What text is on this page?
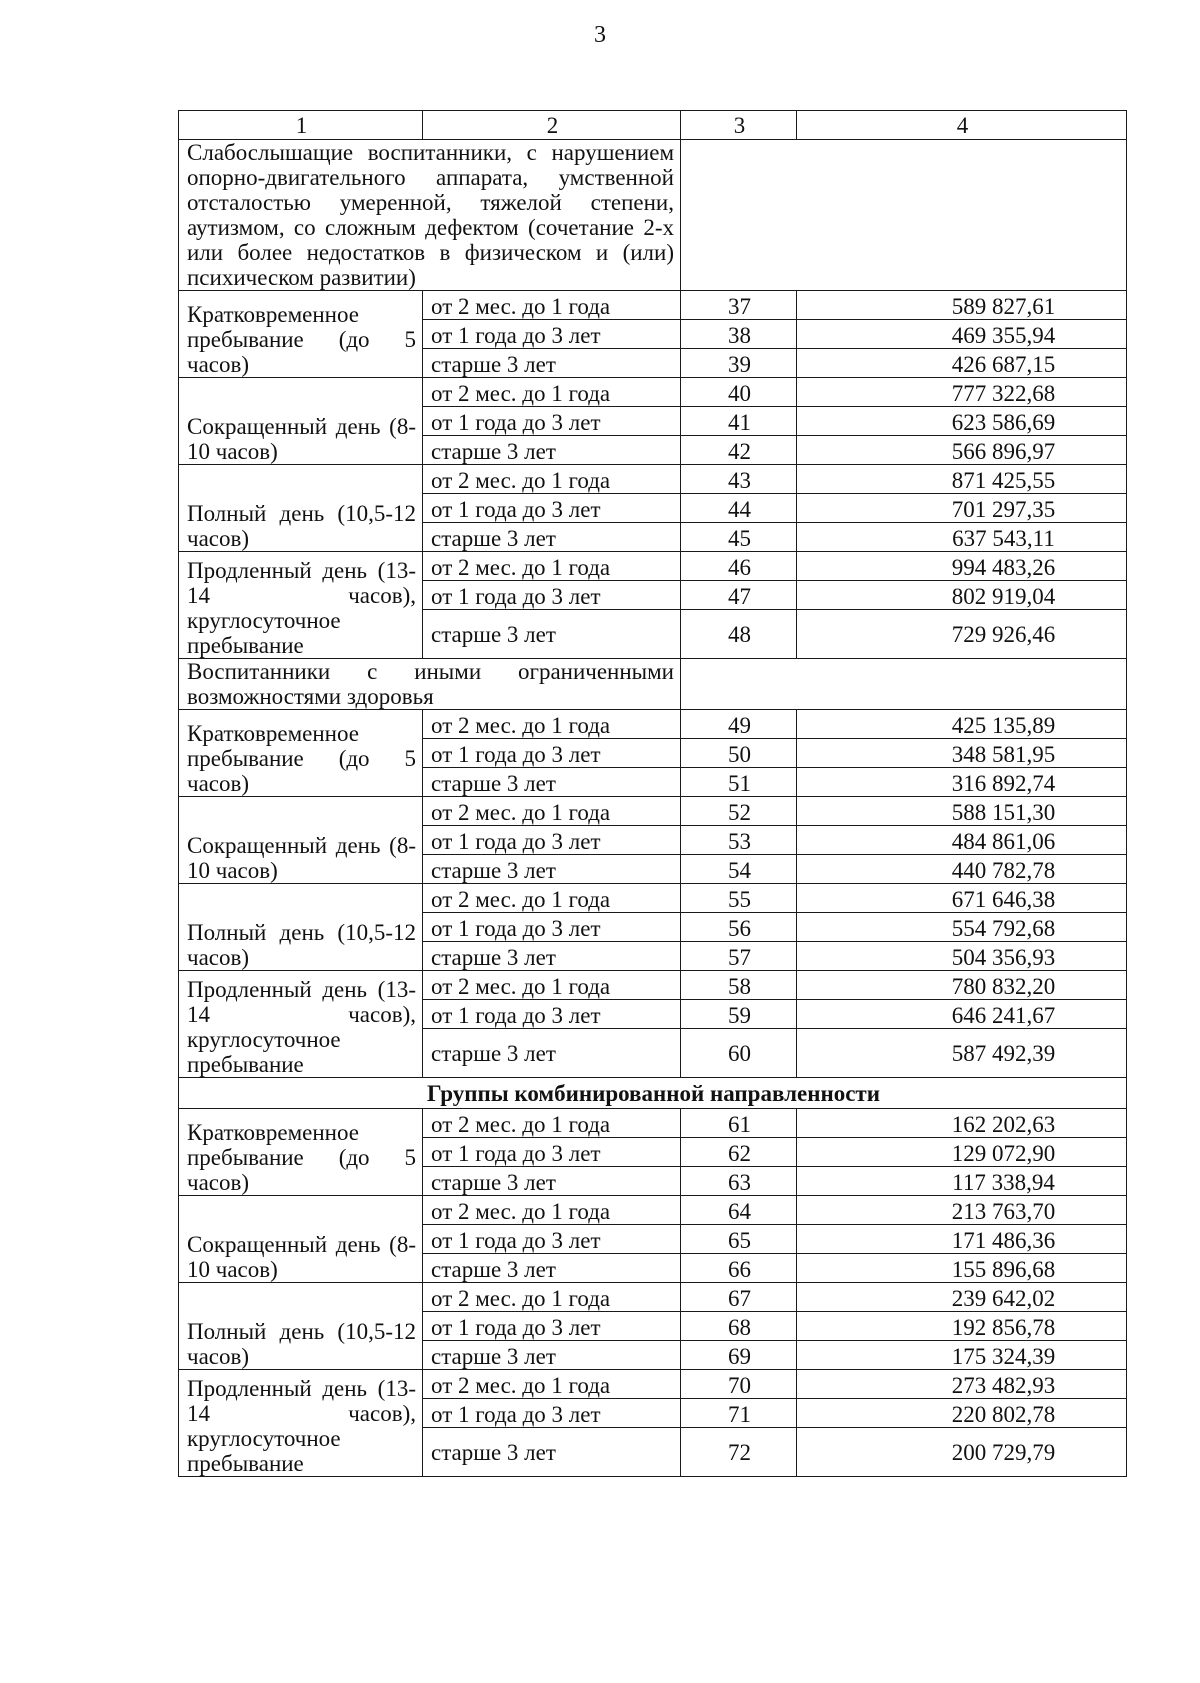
3
1	2	3	4
Слабослышащие воспитанники, с нарушением опорно-двигательного аппарата, умственной отсталостью умеренной, тяжелой степени, аутизмом, со сложным дефектом (сочетание 2-х или более недостатков в физическом и (или) психическом развитии)			
Кратковременное пребывание (до 5 часов)	от 2 мес. до 1 года	37	589 827,61
	от 1 года до 3 лет	38	469 355,94
	старше 3 лет	39	426 687,15
Сокращенный день (8-10 часов)	от 2 мес. до 1 года	40	777 322,68
	от 1 года до 3 лет	41	623 586,69
	старше 3 лет	42	566 896,97
Полный день (10,5-12 часов)	от 2 мес. до 1 года	43	871 425,55
	от 1 года до 3 лет	44	701 297,35
	старше 3 лет	45	637 543,11
Продленный день (13-14 часов), круглосуточное пребывание	от 2 мес. до 1 года	46	994 483,26
	от 1 года до 3 лет	47	802 919,04
	старше 3 лет	48	729 926,46
Воспитанники с иными ограниченными возможностями здоровья			
Кратковременное пребывание (до 5 часов)	от 2 мес. до 1 года	49	425 135,89
	от 1 года до 3 лет	50	348 581,95
	старше 3 лет	51	316 892,74
Сокращенный день (8-10 часов)	от 2 мес. до 1 года	52	588 151,30
	от 1 года до 3 лет	53	484 861,06
	старше 3 лет	54	440 782,78
Полный день (10,5-12 часов)	от 2 мес. до 1 года	55	671 646,38
	от 1 года до 3 лет	56	554 792,68
	старше 3 лет	57	504 356,93
Продленный день (13-14 часов), круглосуточное пребывание	от 2 мес. до 1 года	58	780 832,20
	от 1 года до 3 лет	59	646 241,67
	старше 3 лет	60	587 492,39
Группы комбинированной направленности			
Кратковременное пребывание (до 5 часов)	от 2 мес. до 1 года	61	162 202,63
	от 1 года до 3 лет	62	129 072,90
	старше 3 лет	63	117 338,94
Сокращенный день (8-10 часов)	от 2 мес. до 1 года	64	213 763,70
	от 1 года до 3 лет	65	171 486,36
	старше 3 лет	66	155 896,68
Полный день (10,5-12 часов)	от 2 мес. до 1 года	67	239 642,02
	от 1 года до 3 лет	68	192 856,78
	старше 3 лет	69	175 324,39
Продленный день (13-14 часов), круглосуточное пребывание	от 2 мес. до 1 года	70	273 482,93
	от 1 года до 3 лет	71	220 802,78
	старше 3 лет	72	200 729,79
